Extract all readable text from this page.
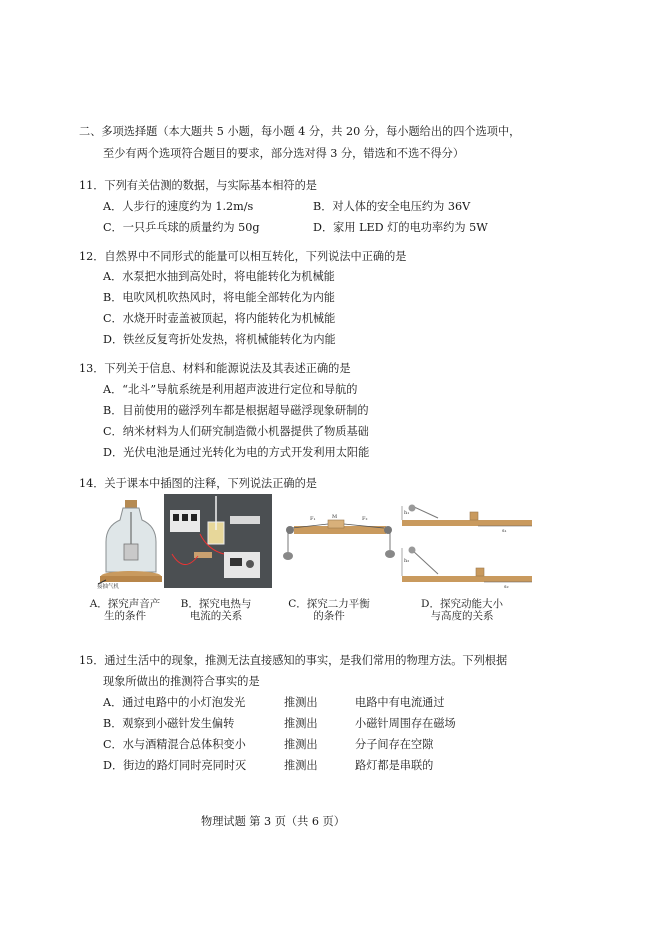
二、多项选择题（本大题共 5 小题，每小题 4 分，共 20 分，每小题给出的四个选项中，
至少有两个选项符合题目的要求，部分选对得 3 分，错选和不选不得分）
11．下列有关估测的数据，与实际基本相符的是
A．人步行的速度约为 1.2m/s	B．对人体的安全电压约为 36V
C．一只乒乓球的质量约为 50g	D．家用 LED 灯的电功率约为 5W
12．自然界中不同形式的能量可以相互转化，下列说法中正确的是
A．水泵把水抽到高处时，将电能转化为机械能
B．电吹风机吹热风时，将电能全部转化为内能
C．水烧开时壶盖被顶起，将内能转化为机械能
D．铁丝反复弯折处发热，将机械能转化为内能
13．下列关于信息、材料和能源说法及其表述正确的是
A．“北斗”导航系统是利用超声波进行定位和导航的
B．目前使用的磁浮列车都是根据超导磁浮现象研制的
C．纳米材料为人们研究制造微小机器提供了物质基础
D．光伏电池是通过光转化为电的方式开发利用太阳能
14．关于课本中插图的注释，下列说法正确的是
接抽气机
M
F₁	F₂
h₁
h₂
s₁
s₂
A．探究声音产
生的条件
B．探究电热与
电流的关系
C．探究二力平衡
的条件
D．探究动能大小
与高度的关系
15．通过生活中的现象，推测无法直接感知的事实，是我们常用的物理方法。下列根据
现象所做出的推测符合事实的是
A．通过电路中的小灯泡发光	推测出	电路中有电流通过
B．观察到小磁针发生偏转	推测出	小磁针周围存在磁场
C．水与酒精混合总体积变小	推测出	分子间存在空隙
D．街边的路灯同时亮同时灭	推测出	路灯都是串联的
物理试题 第 3 页（共 6 页）
